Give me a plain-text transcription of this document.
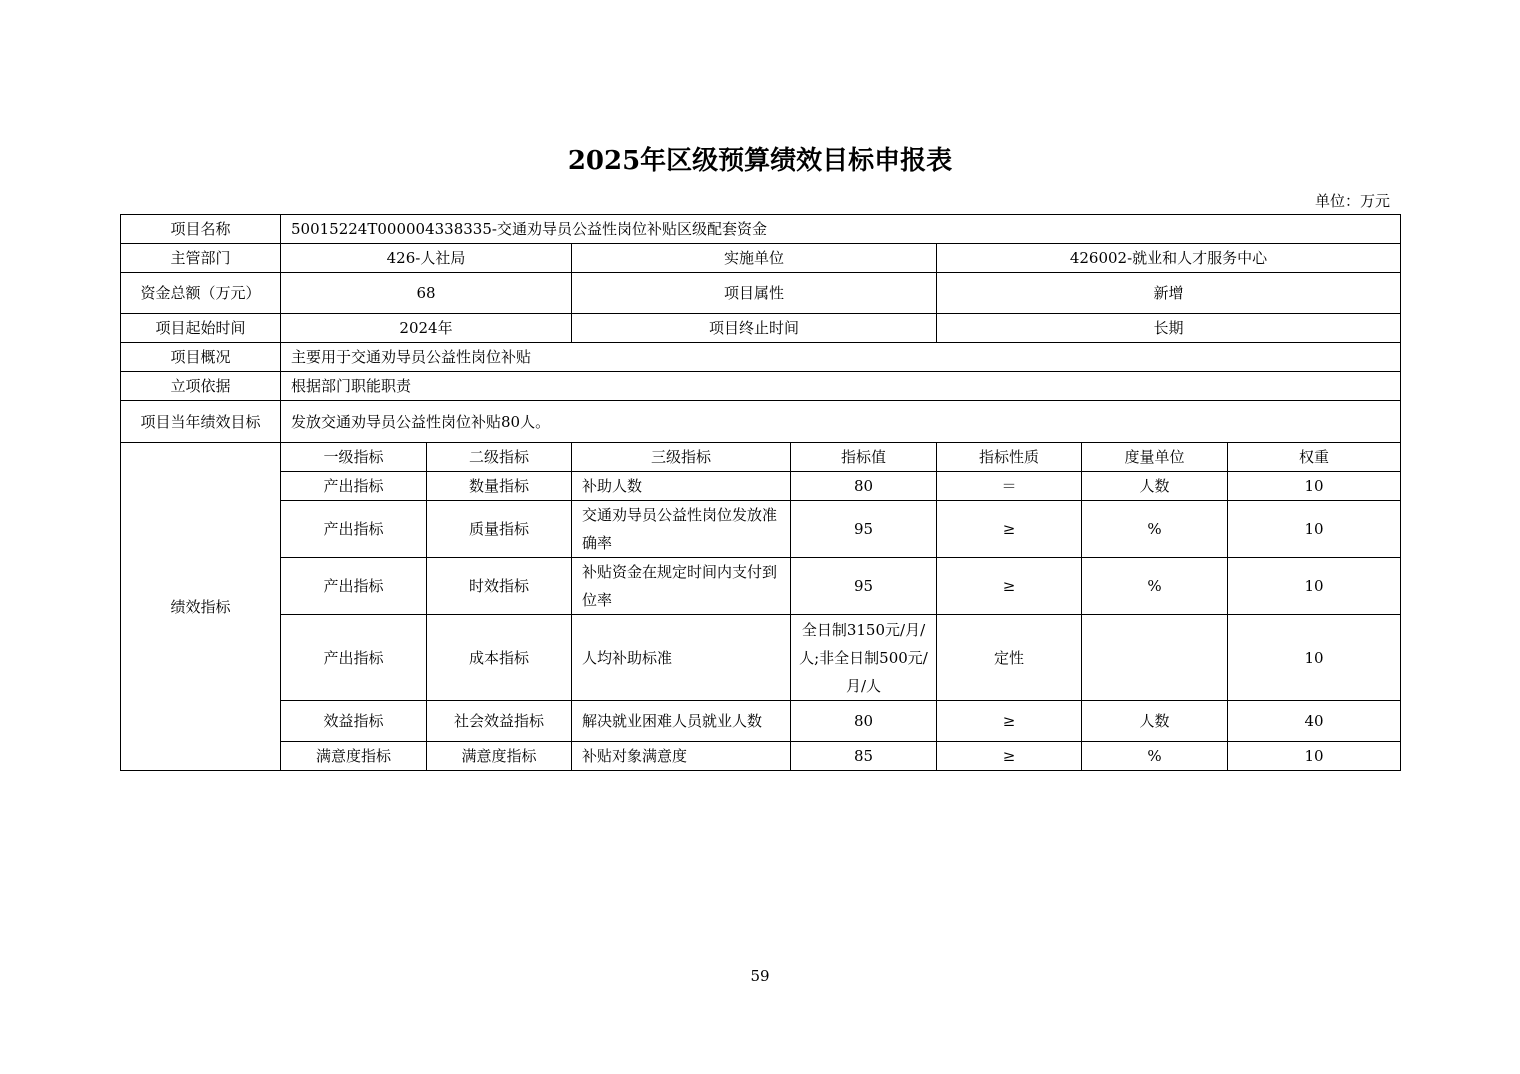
2025年区级预算绩效目标申报表
单位：万元
项目名称	50015224T000004338335-交通劝导员公益性岗位补贴区级配套资金						
主管部门	426-人社局		实施单位		426002-就业和人才服务中心		
资金总额（万元）	68		项目属性		新增		
项目起始时间	2024年		项目终止时间		长期		
项目概况	主要用于交通劝导员公益性岗位补贴						
立项依据	根据部门职能职责						
项目当年绩效目标	发放交通劝导员公益性岗位补贴80人。						
绩效指标	一级指标	二级指标	三级指标	指标值	指标性质	度量单位	权重
	产出指标	数量指标	补助人数	80	＝	人数	10
	产出指标	质量指标	交通劝导员公益性岗位发放准确率	95	≥	%	10
	产出指标	时效指标	补贴资金在规定时间内支付到位率	95	≥	%	10
	产出指标	成本指标	人均补助标准	全日制3150元/月/人;非全日制500元/月/人	定性		10
	效益指标	社会效益指标	解决就业困难人员就业人数	80	≥	人数	40
	满意度指标	满意度指标	补贴对象满意度	85	≥	%	10
59
